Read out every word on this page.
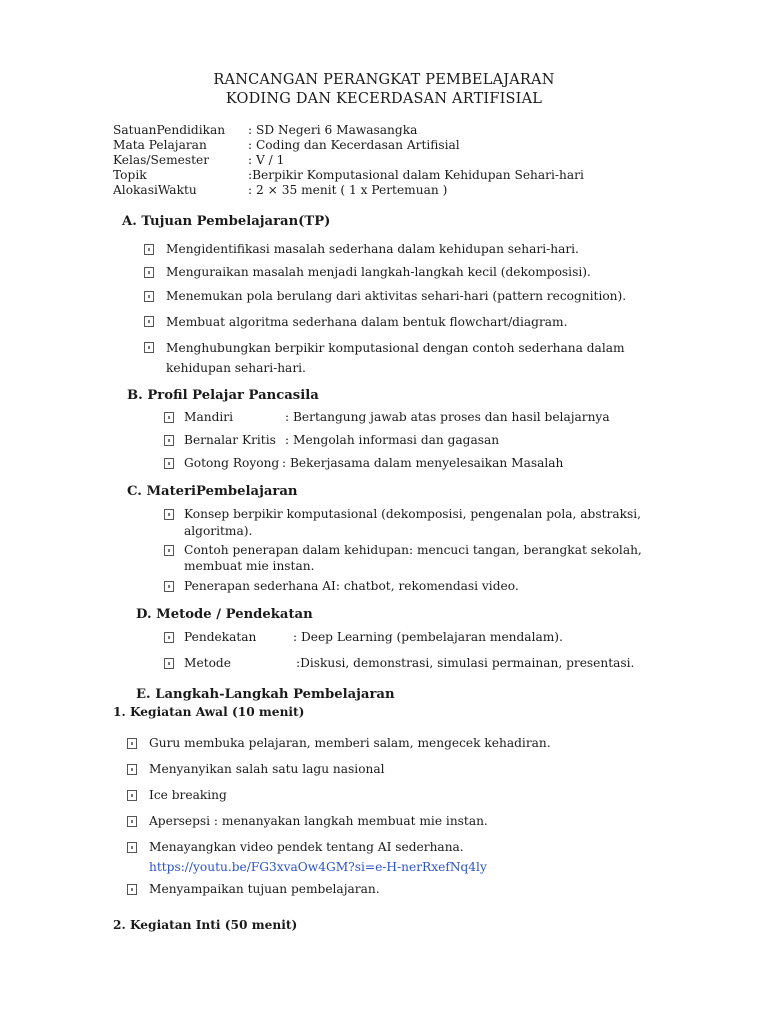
RANCANGAN PERANGKAT PEMBELAJARAN
KODING DAN KECERDASAN ARTIFISIAL
SatuanPendidikan : SD Negeri 6 Mawasangka
Mata Pelajaran	: Coding dan Kecerdasan Artifisial
Kelas/Semester	: V / 1
Topik	:Berpikir Komputasional dalam Kehidupan Sehari-hari
AlokasiWaktu	: 2 × 35 menit ( 1 x Pertemuan )
A. Tujuan Pembelajaran(TP)
Mengidentifikasi masalah sederhana dalam kehidupan sehari-hari.
Menguraikan masalah menjadi langkah-langkah kecil (dekomposisi).
Menemukan pola berulang dari aktivitas sehari-hari (pattern recognition).
Membuat algoritma sederhana dalam bentuk flowchart/diagram.
Menghubungkan berpikir komputasional dengan contoh sederhana dalam
kehidupan sehari-hari.
B. Profil Pelajar Pancasila
Mandiri	: Bertangung jawab atas proses dan hasil belajarnya
Bernalar Kritis : Mengolah informasi dan gagasan
Gotong Royong : Bekerjasama dalam menyelesaikan Masalah
C. MateriPembelajaran
Konsep berpikir komputasional (dekomposisi, pengenalan pola, abstraksi,
algoritma).
Contoh penerapan dalam kehidupan: mencuci tangan, berangkat sekolah,
membuat mie instan.
Penerapan sederhana AI: chatbot, rekomendasi video.
D. Metode / Pendekatan
Pendekatan	: Deep Learning (pembelajaran mendalam).
Metode	:Diskusi, demonstrasi, simulasi permainan, presentasi.
E. Langkah-Langkah Pembelajaran
1. Kegiatan Awal (10 menit)
Guru membuka pelajaran, memberi salam, mengecek kehadiran.
Menyanyikan salah satu lagu nasional
Ice breaking
Apersepsi : menanyakan langkah membuat mie instan.
Menayangkan video pendek tentang AI sederhana.
https://youtu.be/FG3xvaOw4GM?si=e-H-nerRxefNq4ly
Menyampaikan tujuan pembelajaran.
2. Kegiatan Inti (50 menit)
